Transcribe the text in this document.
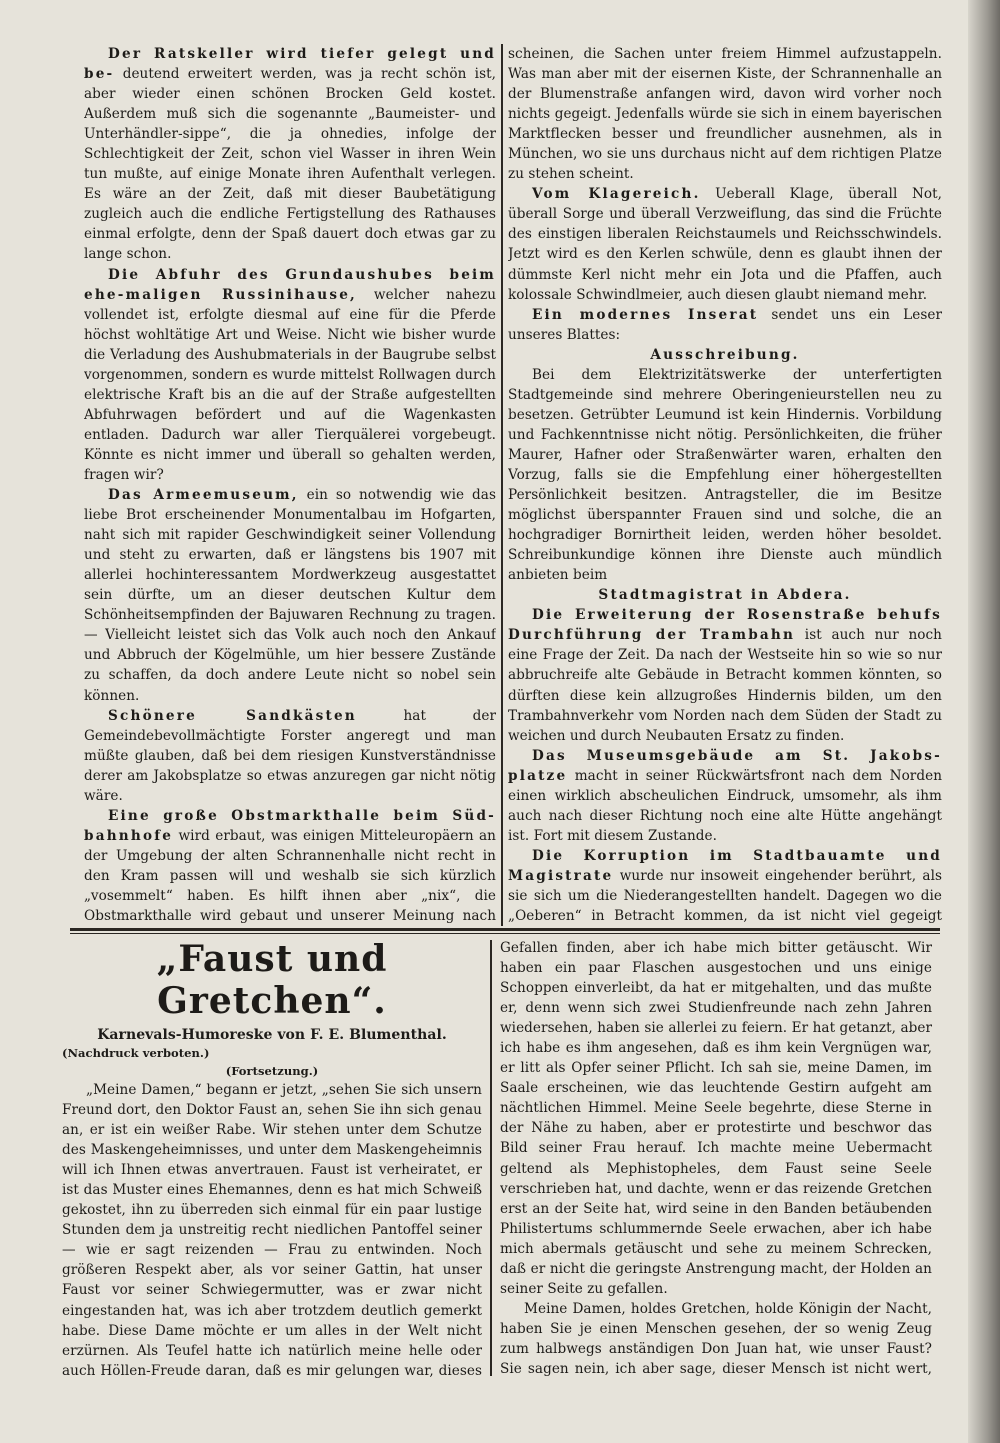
Der Ratskeller wird tiefer gelegt und be- deutend erweitert werden, was ja recht schön ist, aber wieder einen schönen Brocken Geld kostet. Außerdem muß sich die sogenannte „Baumeister- und Unterhändler-sippe“, die ja ohnedies, infolge der Schlechtigkeit der Zeit, schon viel Wasser in ihren Wein tun mußte, auf einige Monate ihren Aufenthalt verlegen. Es wäre an der Zeit, daß mit dieser Baubetätigung zugleich auch die endliche Fertigstellung des Rathauses einmal erfolgte, denn der Spaß dauert doch etwas gar zu lange schon.

Die Abfuhr des Grundaushubes beim ehe-maligen Russinihause, welcher nahezu vollendet ist, erfolgte diesmal auf eine für die Pferde höchst wohltätige Art und Weise. Nicht wie bisher wurde die Verladung des Aushubmaterials in der Baugrube selbst vorgenommen, sondern es wurde mittelst Rollwagen durch elektrische Kraft bis an die auf der Straße aufgestellten Abfuhrwagen befördert und auf die Wagenkasten entladen. Dadurch war aller Tierquälerei vorgebeugt. Könnte es nicht immer und überall so gehalten werden, fragen wir?

Das Armeemuseum, ein so notwendig wie das liebe Brot erscheinender Monumentalbau im Hofgarten, naht sich mit rapider Geschwindigkeit seiner Vollendung und steht zu erwarten, daß er längstens bis 1907 mit allerlei hochinteressantem Mordwerkzeug ausgestattet sein dürfte, um an dieser deutschen Kultur dem Schönheitsempfinden der Bajuwaren Rechnung zu tragen. — Vielleicht leistet sich das Volk auch noch den Ankauf und Abbruch der Kögelmühle, um hier bessere Zustände zu schaffen, da doch andere Leute nicht so nobel sein können.

Schönere Sandkästen	hat der Gemeindebevollmächtigte Forster angeregt und man müßte glauben, daß bei dem riesigen Kunstverständnisse derer am Jakobsplatze so etwas anzuregen gar nicht nötig wäre.

Eine große Obstmarkthalle beim Süd-bahnhofe wird erbaut, was einigen Mitteleuropäern an der Umgebung der alten Schrannenhalle nicht recht in den Kram passen will und weshalb sie sich kürzlich „vosemmelt“ haben. Es hilft ihnen aber „nix“, die Obstmarkthalle wird gebaut und unserer Meinung nach

scheinen, die Sachen unter freiem Himmel aufzustappeln. Was man aber mit der eisernen Kiste, der Schrannenhalle an der Blumenstraße anfangen wird, davon wird vorher noch nichts gegeigt. Jedenfalls würde sie sich in einem bayerischen Marktflecken besser und freundlicher ausnehmen, als in München, wo sie uns durchaus nicht auf dem richtigen Platze zu stehen scheint.

Vom Klagereich. Ueberall Klage, überall Not, überall Sorge und überall Verzweiflung, das sind die Früchte des einstigen liberalen Reichstaumels und Reichsschwindels. Jetzt wird es den Kerlen schwüle, denn es glaubt ihnen der dümmste Kerl nicht mehr ein Jota und die Pfaffen, auch kolossale Schwindlmeier, auch diesen glaubt niemand mehr.

Ein modernes Inserat sendet uns ein Leser unseres Blattes:

Ausschreibung.

Bei dem Elektrizitätswerke der unterfertigten Stadtgemeinde sind mehrere Oberingenieurstellen neu zu besetzen. Getrübter Leumund ist kein Hindernis. Vorbildung und Fachkenntnisse nicht nötig. Persönlichkeiten, die früher Maurer, Hafner oder Straßenwärter waren, erhalten den Vorzug, falls sie die Empfehlung einer höhergestellten Persönlichkeit besitzen. Antragsteller, die im Besitze möglichst überspannter Frauen sind und solche, die an hochgradiger Bornirtheit leiden, werden höher besoldet. Schreibunkundige können ihre Dienste auch mündlich anbieten beim

Stadtmagistrat in Abdera.

Die Erweiterung der Rosenstraße behufs Durchführung der Trambahn ist auch nur noch eine Frage der Zeit. Da nach der Westseite hin so wie so nur abbruchreife alte Gebäude in Betracht kommen könnten, so dürften diese kein allzugroßes Hindernis bilden, um den Trambahnverkehr vom Norden nach dem Süden der Stadt zu weichen und durch Neubauten Ersatz zu finden.

Das Museumsgebäude am St. Jakobs-platze macht in seiner Rückwärtsfront nach dem Norden einen wirklich abscheulichen Eindruck, umsomehr, als ihm auch nach dieser Richtung noch eine alte Hütte angehängt ist. Fort mit diesem Zustande.

Die Korruption im Stadtbauamte und Magistrate wurde nur insoweit eingehender berührt, als sie sich um die Niederangestellten handelt. Dagegen wo die „Oeberen“ in Betracht kommen, da ist nicht viel gegeigt

„Faust und Gretchen“.

Karnevals-Humoreske von F. E. Blumenthal.

(Nachdruck verboten.)

(Fortsetzung.)

„Meine Damen,“ begann er jetzt, „sehen Sie sich unsern Freund dort, den Doktor Faust an, sehen Sie ihn sich genau an, er ist ein weißer Rabe. Wir stehen unter dem Schutze des Maskengeheimnisses, und unter dem Maskengeheimnis will ich Ihnen etwas anvertrauen. Faust ist verheiratet, er ist das Muster eines Ehemannes, denn es hat mich Schweiß gekostet, ihn zu überreden sich einmal für ein paar lustige Stunden dem ja unstreitig recht niedlichen Pantoffel seiner — wie er sagt reizenden — Frau zu entwinden. Noch größeren Respekt aber, als vor seiner Gattin, hat unser Faust vor seiner Schwiegermutter, was er zwar nicht eingestanden hat, was ich aber trotzdem deutlich gemerkt habe. Diese Dame möchte er um alles in der Welt nicht erzürnen. Als Teufel hatte ich natürlich meine helle oder auch Höllen-Freude daran, daß es mir gelungen war, dieses

Gefallen finden, aber ich habe mich bitter getäuscht. Wir haben ein paar Flaschen ausgestochen und uns einige Schoppen einverleibt, da hat er mitgehalten, und das mußte er, denn wenn sich zwei Studienfreunde nach zehn Jahren wiedersehen, haben sie allerlei zu feiern. Er hat getanzt, aber ich habe es ihm angesehen, daß es ihm kein Vergnügen war, er litt als Opfer seiner Pflicht. Ich sah sie, meine Damen, im Saale erscheinen, wie das leuchtende Gestirn aufgeht am nächtlichen Himmel. Meine Seele begehrte, diese Sterne in der Nähe zu haben, aber er protestirte und beschwor das Bild seiner Frau herauf. Ich machte meine Uebermacht geltend als Mephistopheles, dem Faust seine Seele verschrieben hat, und dachte, wenn er das reizende Gretchen erst an der Seite hat, wird seine in den Banden betäubenden Philistertums schlummernde Seele erwachen, aber ich habe mich abermals getäuscht und sehe zu meinem Schrecken, daß er nicht die geringste Anstrengung macht, der Holden an seiner Seite zu gefallen.

Meine Damen, holdes Gretchen, holde Königin der Nacht, haben Sie je einen Menschen gesehen, der so wenig Zeug zum halbwegs anständigen Don Juan hat, wie unser Faust? Sie sagen nein, ich aber sage, dieser Mensch ist nicht wert,
